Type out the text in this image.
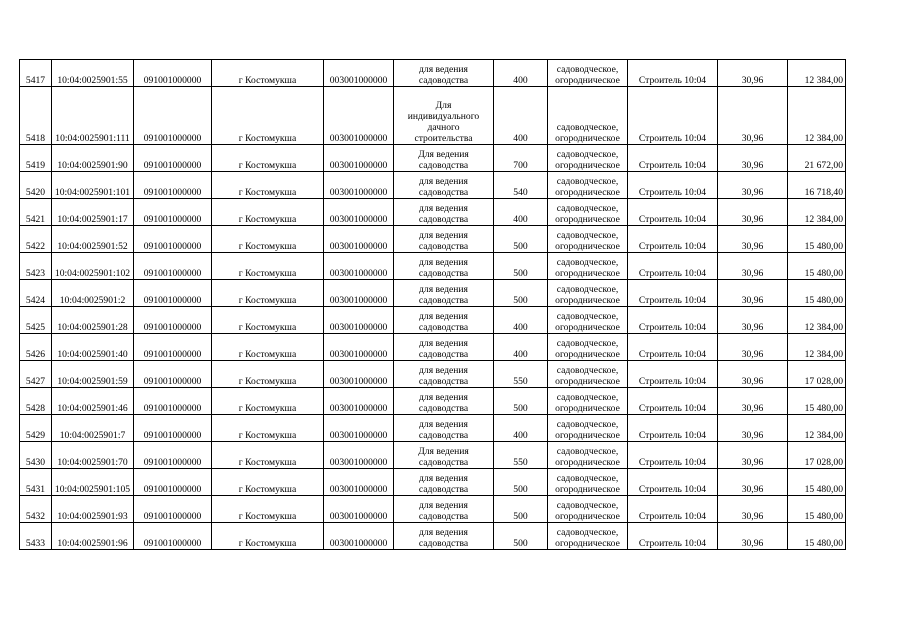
5417	10:04:0025901:55	091001000000	г Костомукша	003001000000	для ведения
садоводства	400	садоводческое,
огородническое	Строитель 10:04	30,96	12 384,00
5418	10:04:0025901:111	091001000000	г Костомукша	003001000000	Для
индивидуального
дачного
строительства	400	садоводческое,
огородническое	Строитель 10:04	30,96	12 384,00
5419	10:04:0025901:90	091001000000	г Костомукша	003001000000	Для ведения
садоводства	700	садоводческое,
огородническое	Строитель 10:04	30,96	21 672,00
5420	10:04:0025901:101	091001000000	г Костомукша	003001000000	для ведения
садоводства	540	садоводческое,
огородническое	Строитель 10:04	30,96	16 718,40
5421	10:04:0025901:17	091001000000	г Костомукша	003001000000	для ведения
садоводства	400	садоводческое,
огородническое	Строитель 10:04	30,96	12 384,00
5422	10:04:0025901:52	091001000000	г Костомукша	003001000000	для ведения
садоводства	500	садоводческое,
огородническое	Строитель 10:04	30,96	15 480,00
5423	10:04:0025901:102	091001000000	г Костомукша	003001000000	для ведения
садоводства	500	садоводческое,
огородническое	Строитель 10:04	30,96	15 480,00
5424	10:04:0025901:2	091001000000	г Костомукша	003001000000	для ведения
садоводства	500	садоводческое,
огородническое	Строитель 10:04	30,96	15 480,00
5425	10:04:0025901:28	091001000000	г Костомукша	003001000000	для ведения
садоводства	400	садоводческое,
огородническое	Строитель 10:04	30,96	12 384,00
5426	10:04:0025901:40	091001000000	г Костомукша	003001000000	для ведения
садоводства	400	садоводческое,
огородническое	Строитель 10:04	30,96	12 384,00
5427	10:04:0025901:59	091001000000	г Костомукша	003001000000	для ведения
садоводства	550	садоводческое,
огородническое	Строитель 10:04	30,96	17 028,00
5428	10:04:0025901:46	091001000000	г Костомукша	003001000000	для ведения
садоводства	500	садоводческое,
огородническое	Строитель 10:04	30,96	15 480,00
5429	10:04:0025901:7	091001000000	г Костомукша	003001000000	для ведения
садоводства	400	садоводческое,
огородническое	Строитель 10:04	30,96	12 384,00
5430	10:04:0025901:70	091001000000	г Костомукша	003001000000	Для ведения
садоводства	550	садоводческое,
огородническое	Строитель 10:04	30,96	17 028,00
5431	10:04:0025901:105	091001000000	г Костомукша	003001000000	для ведения
садоводства	500	садоводческое,
огородническое	Строитель 10:04	30,96	15 480,00
5432	10:04:0025901:93	091001000000	г Костомукша	003001000000	для ведения
садоводства	500	садоводческое,
огородническое	Строитель 10:04	30,96	15 480,00
5433	10:04:0025901:96	091001000000	г Костомукша	003001000000	для ведения
садоводства	500	садоводческое,
огородническое	Строитель 10:04	30,96	15 480,00
